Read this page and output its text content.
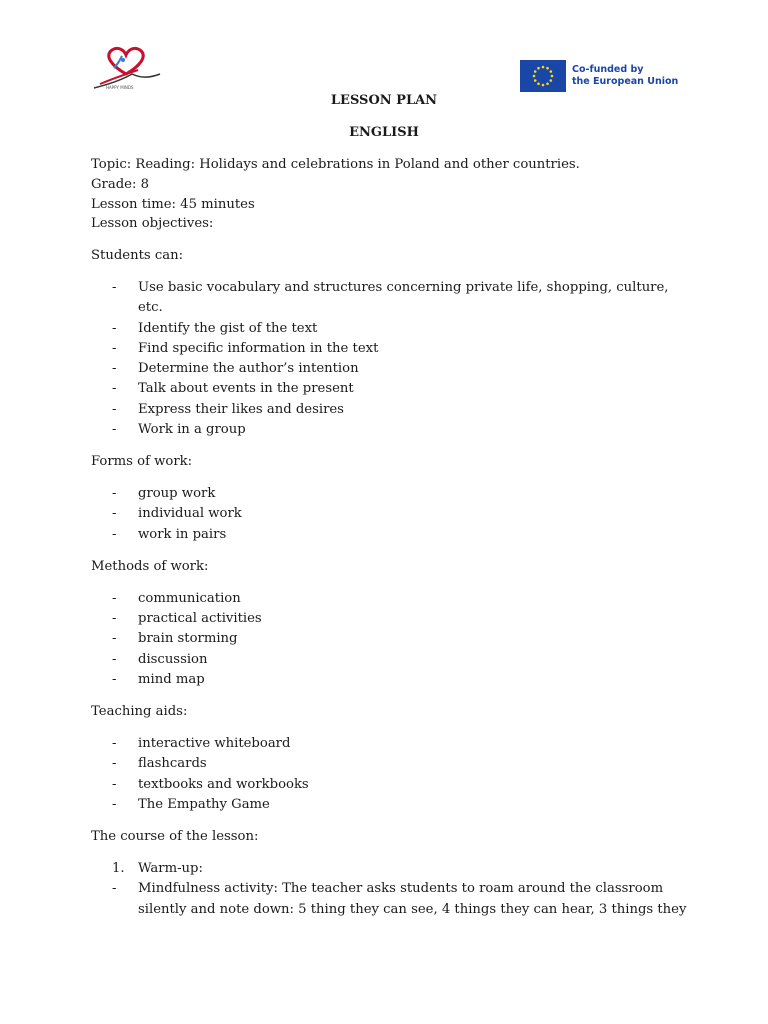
HAPPY MINDS
Co-funded by
the European Union
LESSON PLAN
ENGLISH

Topic: Reading: Holidays and celebrations in Poland and other countries.

Grade: 8

Lesson time: 45 minutes

Lesson objectives:

Students can:

- Use basic vocabulary and structures concerning private life, shopping, culture, etc.
- Identify the gist of the text
- Find specific information in the text
- Determine the author’s intention
- Talk about events in the present
- Express their likes and desires
- Work in a group

Forms of work:

- group work
- individual work
- work in pairs

Methods of work:

- communication
- practical activities
- brain storming
- discussion
- mind map

Teaching aids:

- interactive whiteboard
- flashcards
- textbooks and workbooks
- The Empathy Game

The course of the lesson:

1. Warm-up:
- Mindfulness activity: The teacher asks students to roam around the classroom silently and note down: 5 thing they can see, 4 things they can hear, 3 things they
